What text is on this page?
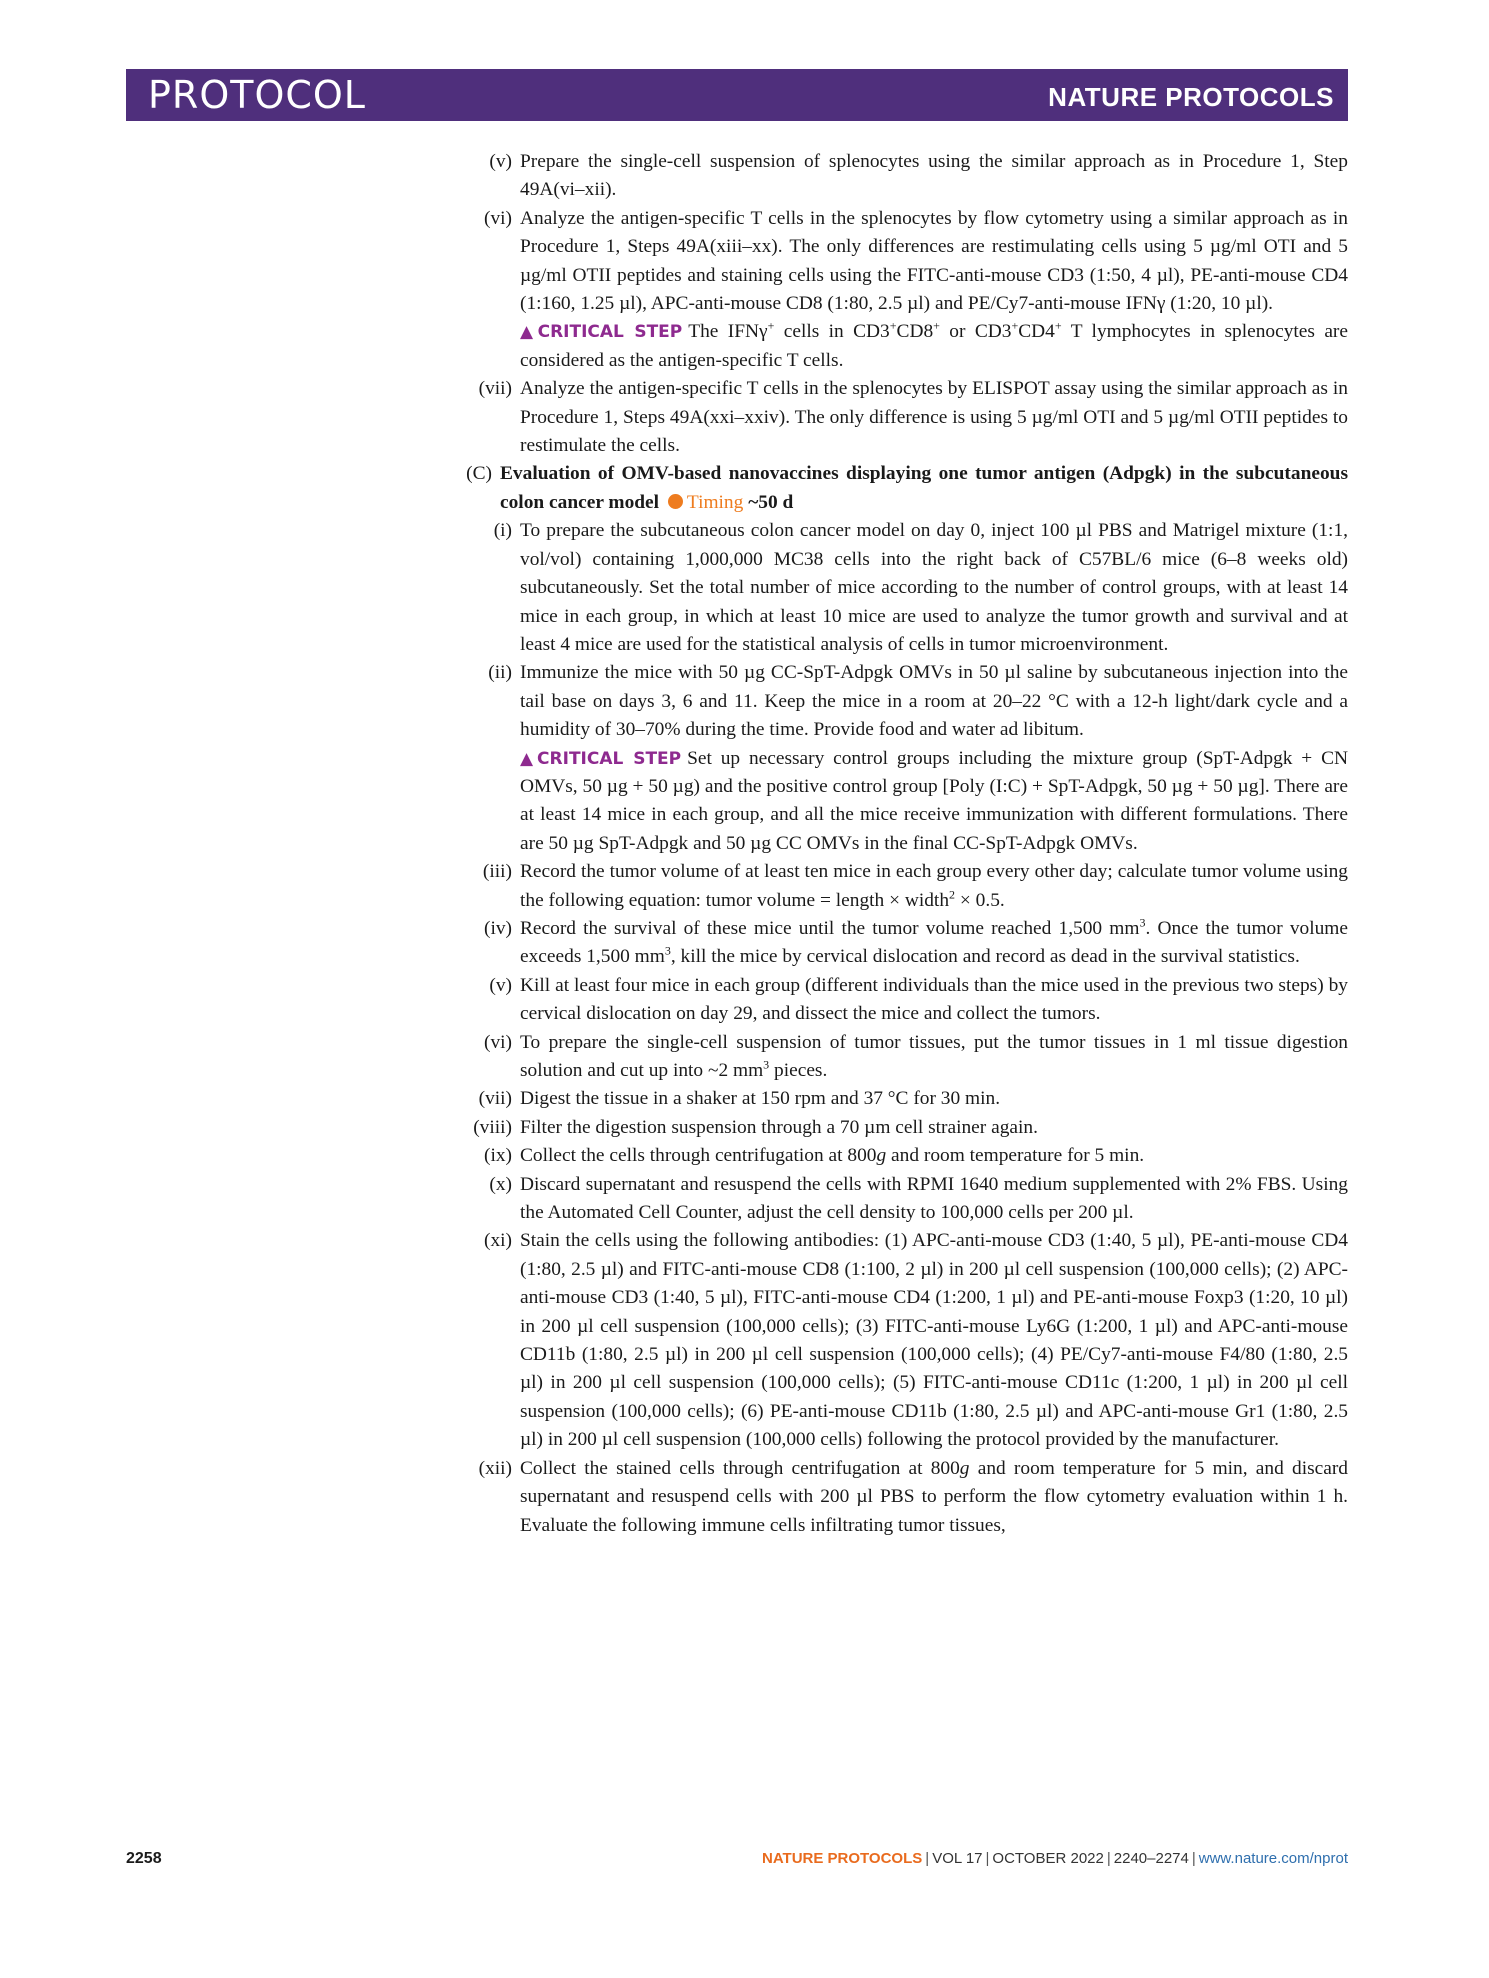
PROTOCOL	NATURE PROTOCOLS
(v) Prepare the single-cell suspension of splenocytes using the similar approach as in Procedure 1, Step 49A(vi–xii).
(vi) Analyze the antigen-specific T cells in the splenocytes by flow cytometry using a similar approach as in Procedure 1, Steps 49A(xiii–xx). The only differences are restimulating cells using 5 µg/ml OTI and 5 µg/ml OTII peptides and staining cells using the FITC-anti-mouse CD3 (1:50, 4 µl), PE-anti-mouse CD4 (1:160, 1.25 µl), APC-anti-mouse CD8 (1:80, 2.5 µl) and PE/Cy7-anti-mouse IFNγ (1:20, 10 µl).
▲CRITICAL STEP The IFNγ+ cells in CD3+CD8+ or CD3+CD4+ T lymphocytes in splenocytes are considered as the antigen-specific T cells.
(vii) Analyze the antigen-specific T cells in the splenocytes by ELISPOT assay using the similar approach as in Procedure 1, Steps 49A(xxi–xxiv). The only difference is using 5 µg/ml OTI and 5 µg/ml OTII peptides to restimulate the cells.
(C) Evaluation of OMV-based nanovaccines displaying one tumor antigen (Adpgk) in the subcutaneous colon cancer model Timing ~50 d
(i) To prepare the subcutaneous colon cancer model on day 0, inject 100 µl PBS and Matrigel mixture (1:1, vol/vol) containing 1,000,000 MC38 cells into the right back of C57BL/6 mice (6–8 weeks old) subcutaneously. Set the total number of mice according to the number of control groups, with at least 14 mice in each group, in which at least 10 mice are used to analyze the tumor growth and survival and at least 4 mice are used for the statistical analysis of cells in tumor microenvironment.
(ii) Immunize the mice with 50 µg CC-SpT-Adpgk OMVs in 50 µl saline by subcutaneous injection into the tail base on days 3, 6 and 11. Keep the mice in a room at 20–22 °C with a 12-h light/dark cycle and a humidity of 30–70% during the time. Provide food and water ad libitum.
▲CRITICAL STEP Set up necessary control groups including the mixture group (SpT-Adpgk + CN OMVs, 50 µg + 50 µg) and the positive control group [Poly (I:C) + SpT-Adpgk, 50 µg + 50 µg]. There are at least 14 mice in each group, and all the mice receive immunization with different formulations. There are 50 µg SpT-Adpgk and 50 µg CC OMVs in the final CC-SpT-Adpgk OMVs.
(iii) Record the tumor volume of at least ten mice in each group every other day; calculate tumor volume using the following equation: tumor volume = length × width$^2$ × 0.5.
(iv) Record the survival of these mice until the tumor volume reached 1,500 $mm^3$. Once the tumor volume exceeds 1,500 $mm^3$, kill the mice by cervical dislocation and record as dead in the survival statistics.
(v) Kill at least four mice in each group (different individuals than the mice used in the previous two steps) by cervical dislocation on day 29, and dissect the mice and collect the tumors.
(vi) To prepare the single-cell suspension of tumor tissues, put the tumor tissues in 1 ml tissue digestion solution and cut up into ~2 $mm^3$ pieces.
(vii) Digest the tissue in a shaker at 150 rpm and 37 °C for 30 min.
(viii) Filter the digestion suspension through a 70 µm cell strainer again.
(ix) Collect the cells through centrifugation at 800g and room temperature for 5 min.
(x) Discard supernatant and resuspend the cells with RPMI 1640 medium supplemented with 2% FBS. Using the Automated Cell Counter, adjust the cell density to 100,000 cells per 200 µl.
(xi) Stain the cells using the following antibodies: (1) APC-anti-mouse CD3 (1:40, 5 µl), PE-anti-mouse CD4 (1:80, 2.5 µl) and FITC-anti-mouse CD8 (1:100, 2 µl) in 200 µl cell suspension (100,000 cells); (2) APC-anti-mouse CD3 (1:40, 5 µl), FITC-anti-mouse CD4 (1:200, 1 µl) and PE-anti-mouse Foxp3 (1:20, 10 µl) in 200 µl cell suspension (100,000 cells); (3) FITC-anti-mouse Ly6G (1:200, 1 µl) and APC-anti-mouse CD11b (1:80, 2.5 µl) in 200 µl cell suspension (100,000 cells); (4) PE/Cy7-anti-mouse F4/80 (1:80, 2.5 µl) in 200 µl cell suspension (100,000 cells); (5) FITC-anti-mouse CD11c (1:200, 1 µl) in 200 µl cell suspension (100,000 cells); (6) PE-anti-mouse CD11b (1:80, 2.5 µl) and APC-anti-mouse Gr1 (1:80, 2.5 µl) in 200 µl cell suspension (100,000 cells) following the protocol provided by the manufacturer.
(xii) Collect the stained cells through centrifugation at 800g and room temperature for 5 min, and discard supernatant and resuspend cells with 200 µl PBS to perform the flow cytometry evaluation within 1 h. Evaluate the following immune cells infiltrating tumor tissues,
2258	NATURE PROTOCOLS | VOL 17 | OCTOBER 2022 | 2240–2274 | www.nature.com/nprot
